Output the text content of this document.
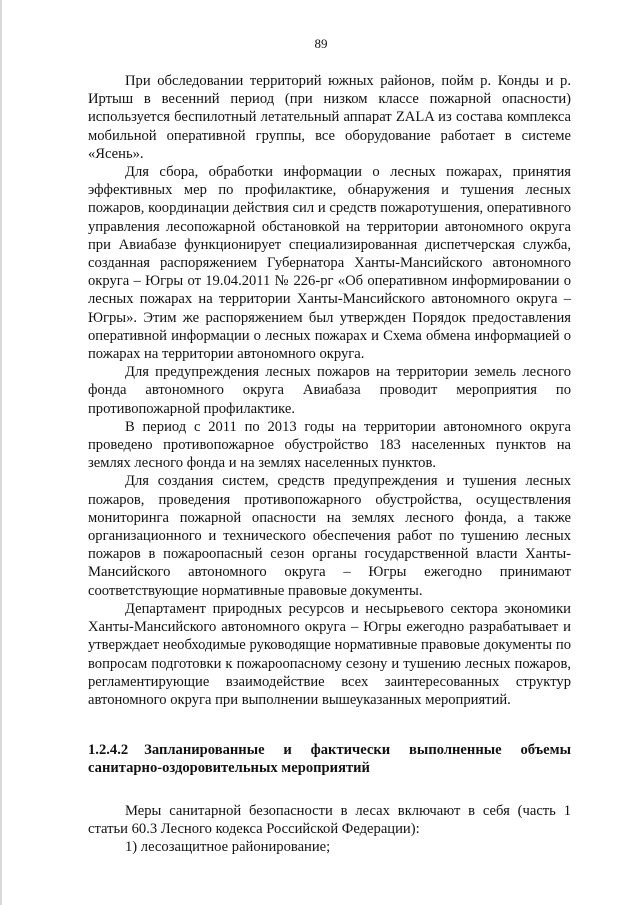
89

При обследовании территорий южных районов, пойм р. Конды и р. Иртыш в весенний период (при низком классе пожарной опасности) используется беспилотный летательный аппарат ZALA из состава комплекса мобильной оперативной группы, все оборудование работает в системе «Ясень».

Для сбора, обработки информации о лесных пожарах, принятия эффективных мер по профилактике, обнаружения и тушения лесных пожаров, координации действия сил и средств пожаротушения, оперативного управления лесопожарной обстановкой на территории автономного округа при Авиабазе функционирует специализированная диспетчерская служба, созданная распоряжением Губернатора Ханты-Мансийского автономного округа – Югры от 19.04.2011 № 226-рг «Об оперативном информировании о лесных пожарах на территории Ханты-Мансийского автономного округа – Югры». Этим же распоряжением был утвержден Порядок предоставления оперативной информации о лесных пожарах и Схема обмена информацией о пожарах на территории автономного округа.

Для предупреждения лесных пожаров на территории земель лесного фонда автономного округа Авиабаза проводит мероприятия по противопожарной профилактике.

В период с 2011 по 2013 годы на территории автономного округа проведено противопожарное обустройство 183 населенных пунктов на землях лесного фонда и на землях населенных пунктов.

Для создания систем, средств предупреждения и тушения лесных пожаров, проведения противопожарного обустройства, осуществления мониторинга пожарной опасности на землях лесного фонда, а также организационного и технического обеспечения работ по тушению лесных пожаров в пожароопасный сезон органы государственной власти Ханты-Мансийского автономного округа – Югры ежегодно принимают соответствующие нормативные правовые документы.

Департамент природных ресурсов и несырьевого сектора экономики Ханты-Мансийского автономного округа – Югры ежегодно разрабатывает и утверждает необходимые руководящие нормативные правовые документы по вопросам подготовки к пожароопасному сезону и тушению лесных пожаров, регламентирующие взаимодействие всех заинтересованных структур автономного округа при выполнении вышеуказанных мероприятий.

1.2.4.2 Запланированные и фактически выполненные объемы санитарно-оздоровительных мероприятий

Меры санитарной безопасности в лесах включают в себя (часть 1 статьи 60.3 Лесного кодекса Российской Федерации):

1) лесозащитное районирование;
